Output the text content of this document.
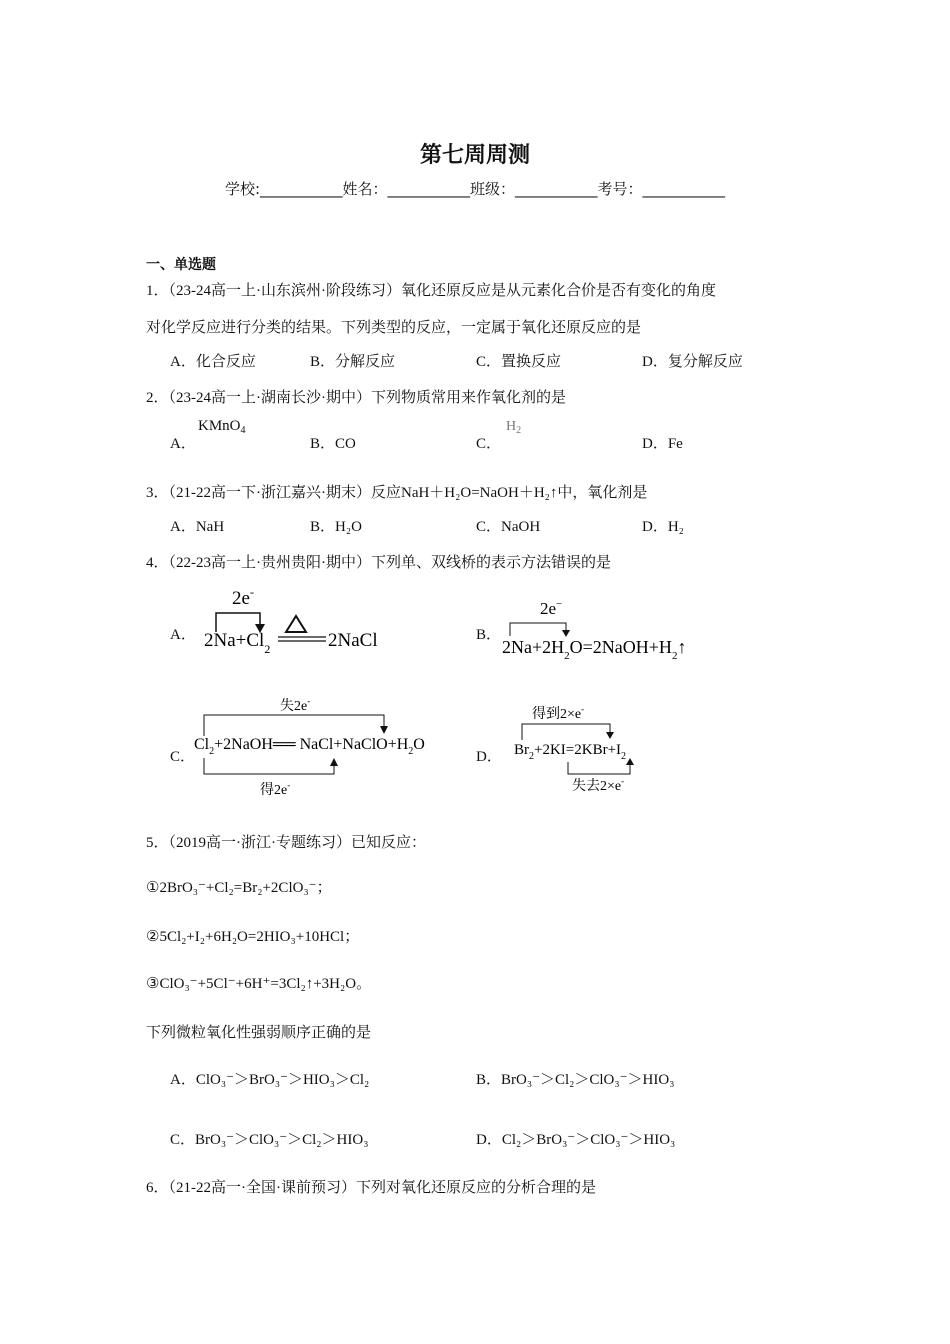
第七周周测
学校:___________姓名：___________班级：___________考号：___________
一、单选题
1．（23-24高一上·山东滨州·阶段练习）氧化还原反应是从元素化合价是否有变化的角度
对化学反应进行分类的结果。下列类型的反应，一定属于氧化还原反应的是
A．化合反应	B．分解反应	C．置换反应	D．复分解反应
2．（23-24高一上·湖南长沙·期中）下列物质常用来作氧化剂的是
A．
KMnO$_4$
B．CO	C．
$H_2$
D．Fe
3．（21-22高一下·浙江嘉兴·期末）反应NaH＋H₂O=NaOH＋H₂↑中，氧化剂是
A．NaH	B．H₂O	C．NaOH	D．H₂
4．（22-23高一上·贵州贵阳·期中）下列单、双线桥的表示方法错误的是
A．
2e-
$2Na+Cl_2$	2NaCl	B．
2e−
$2Na+2H_2O=2NaOH+H_2↑$
C．
失2e-
$Cl_2+2NaOH══$ $NaCl+NaClO+H_2O$
得2e-
D．
得到2×e-
$Br_2+2KI=2KBr+I_2$
失去2×e-
5．（2019高一·浙江·专题练习）已知反应：
①2BrO₃⁻+Cl₂=Br₂+2ClO₃⁻；
②5Cl₂+I₂+6H₂O=2HIO₃+10HCl；
③ClO₃⁻+5Cl⁻+6H⁺=3Cl₂↑+3H₂O。
下列微粒氧化性强弱顺序正确的是
A．ClO₃⁻＞BrO₃⁻＞HIO₃＞Cl₂	B．BrO₃⁻＞Cl₂＞ClO₃⁻＞HIO₃
C．BrO₃⁻＞ClO₃⁻＞Cl₂＞HIO₃	D．Cl₂＞BrO₃⁻＞ClO₃⁻＞HIO₃
6．（21-22高一·全国·课前预习）下列对氧化还原反应的分析合理的是
